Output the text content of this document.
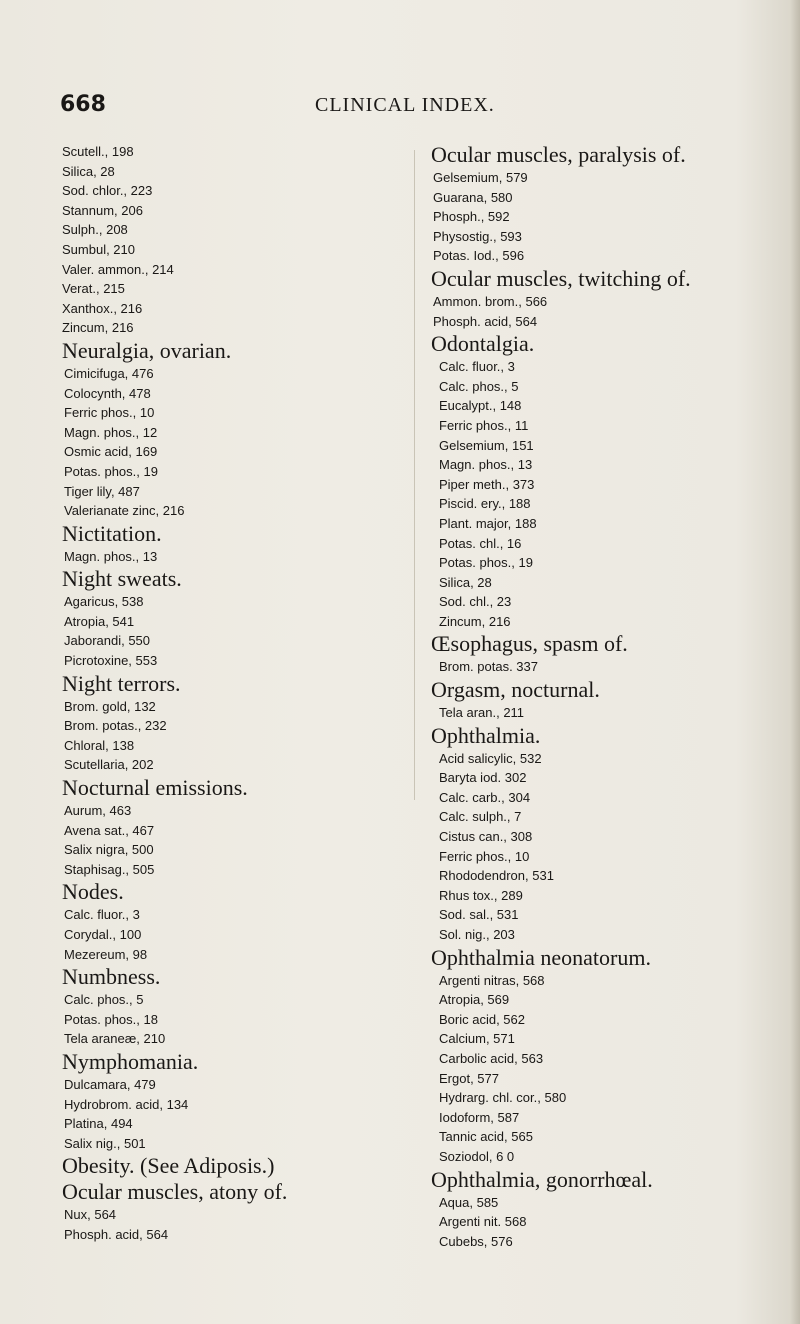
668	CLINICAL INDEX.
Scutell., 198
Silica, 28
Sod. chlor., 223
Stannum, 206
Sulph., 208
Sumbul, 210
Valer. ammon., 214
Verat., 215
Xanthox., 216
Zincum, 216
Neuralgia, ovarian.
Cimicifuga, 476
Colocynth, 478
Ferric phos., 10
Magn. phos., 12
Osmic acid, 169
Potas. phos., 19
Tiger lily, 487
Valerianate zinc, 216
Nictitation.
Magn. phos., 13
Night sweats.
Agaricus, 538
Atropia, 541
Jaborandi, 550
Picrotoxine, 553
Night terrors.
Brom. gold, 132
Brom. potas., 232
Chloral, 138
Scutellaria, 202
Nocturnal emissions.
Aurum, 463
Avena sat., 467
Salix nigra, 500
Staphisag., 505
Nodes.
Calc. fluor., 3
Corydal., 100
Mezereum, 98
Numbness.
Calc. phos., 5
Potas. phos., 18
Tela araneæ, 210
Nymphomania.
Dulcamara, 479
Hydrobrom. acid, 134
Platina, 494
Salix nig., 501
Obesity. (See Adiposis.)
Ocular muscles, atony of.
Nux, 564
Phosph. acid, 564
Ocular muscles, paralysis of.
Gelsemium, 579
Guarana, 580
Phosph., 592
Physostig., 593
Potas. Iod., 596
Ocular muscles, twitching of.
Ammon. brom., 566
Phosph. acid, 564
Odontalgia.
Calc. fluor., 3
Calc. phos., 5
Eucalypt., 148
Ferric phos., 11
Gelsemium, 151
Magn. phos., 13
Piper meth., 373
Piscid. ery., 188
Plant. major, 188
Potas. chl., 16
Potas. phos., 19
Silica, 28
Sod. chl., 23
Zincum, 216
Œsophagus, spasm of.
Brom. potas. 337
Orgasm, nocturnal.
Tela aran., 211
Ophthalmia.
Acid salicylic, 532
Baryta iod. 302
Calc. carb., 304
Calc. sulph., 7
Cistus can., 308
Ferric phos., 10
Rhododendron, 531
Rhus tox., 289
Sod. sal., 531
Sol. nig., 203
Ophthalmia neonatorum.
Argenti nitras, 568
Atropia, 569
Boric acid, 562
Calcium, 571
Carbolic acid, 563
Ergot, 577
Hydrarg. chl. cor., 580
Iodoform, 587
Tannic acid, 565
Soziodol, 6 0
Ophthalmia, gonorrhœal.
Aqua, 585
Argenti nit. 568
Cubebs, 576
